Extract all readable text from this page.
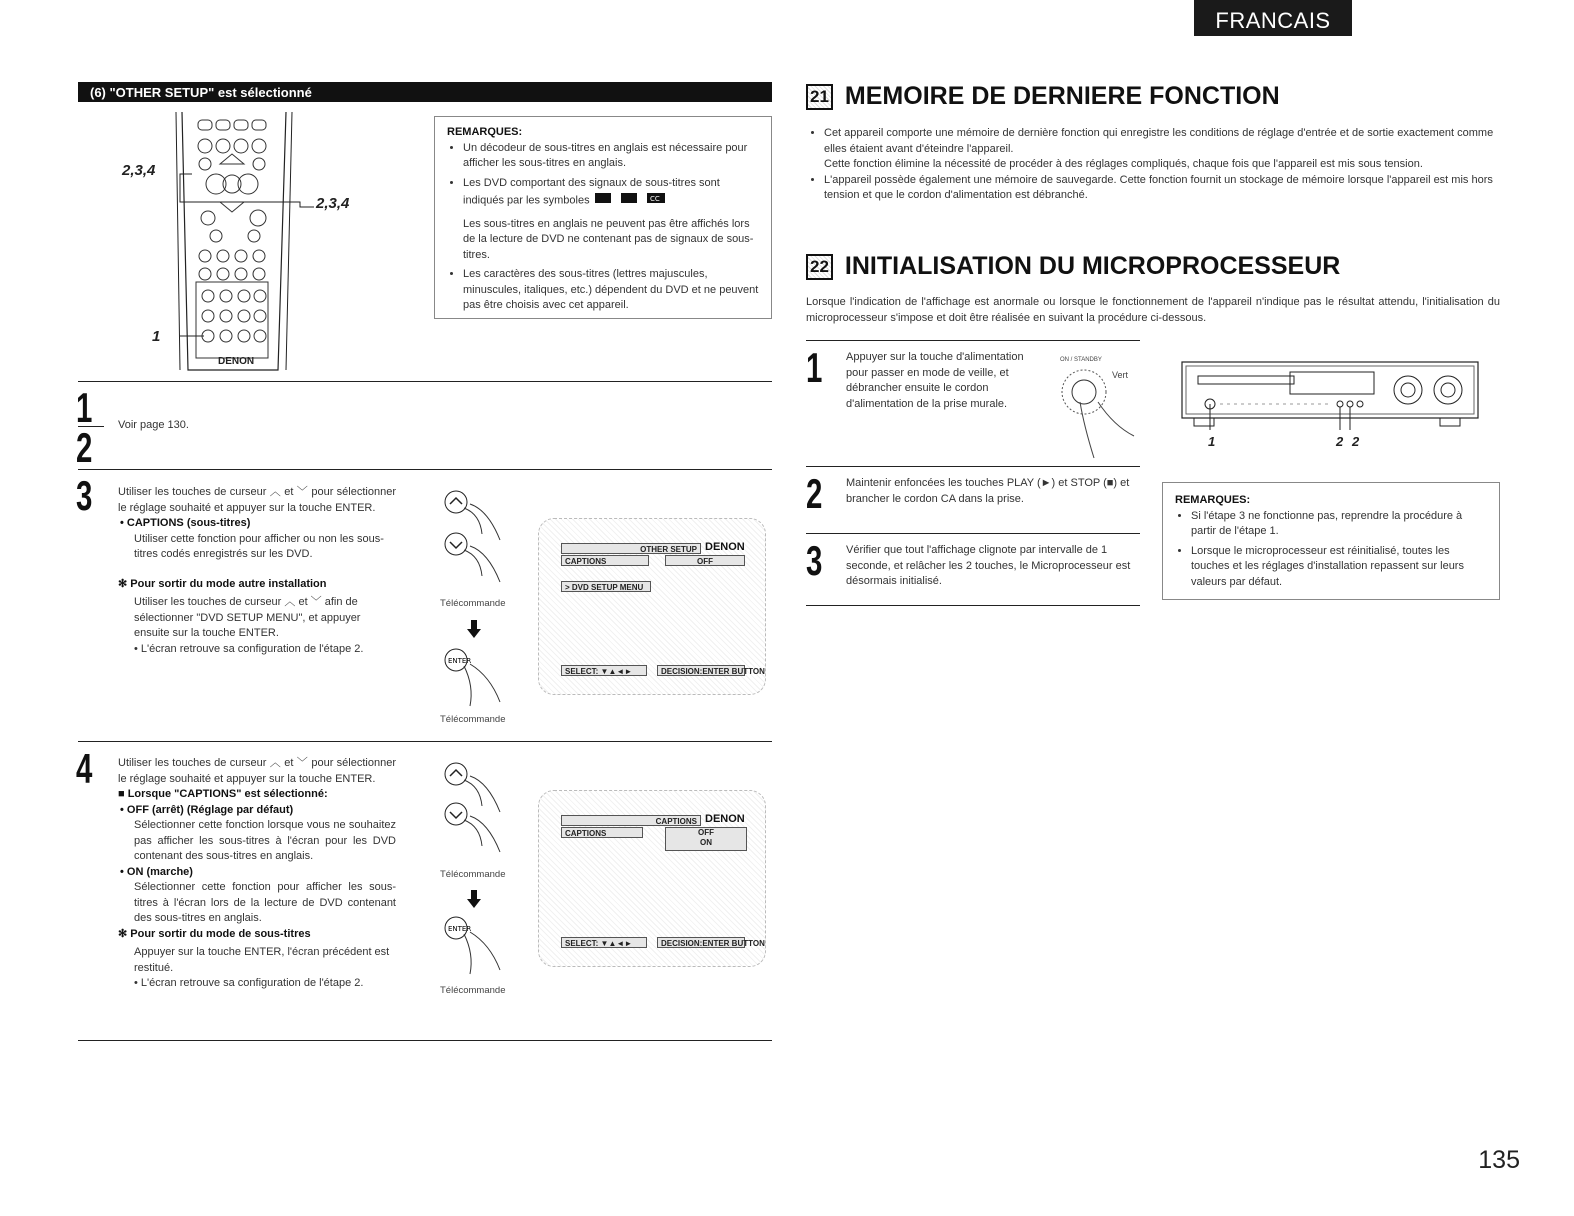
FRANCAIS
(6) "OTHER SETUP" est sélectionné
2,3,4
2,3,4
1
DENON
REMARQUES:
• Un décodeur de sous-titres en anglais est nécessaire pour afficher les sous-titres en anglais.
• Les DVD comportant des signaux de sous-titres sont indiqués par les symboles	CC
Les sous-titres en anglais ne peuvent pas être affichés lors de la lecture de DVD ne contenant pas de signaux de sous-titres.
• Les caractères des sous-titres (lettres majuscules, minuscules, italiques, etc.) dépendent du DVD et ne peuvent pas être choisis avec cet appareil.
1
2 Voir page 130.
3 Utiliser les touches de curseur ︿ et ﹀ pour sélectionner le réglage souhaité et appuyer sur la touche ENTER.
• CAPTIONS (sous-titres)
Utiliser cette fonction pour afficher ou non les sous-titres codés enregistrés sur les DVD.
✻ Pour sortir du mode autre installation
Utiliser les touches de curseur ︿ et ﹀ afin de sélectionner "DVD SETUP MENU", et appuyer ensuite sur la touche ENTER.
• L'écran retrouve sa configuration de l'étape 2.
Télécommande
ENTER
Télécommande
OTHER SETUP DENON
CAPTIONS	OFF
> DVD SETUP MENU
SELECT: ▼▲◄►	DECISION:ENTER BUTTON
4 Utiliser les touches de curseur ︿ et ﹀ pour sélectionner le réglage souhaité et appuyer sur la touche ENTER.
■ Lorsque "CAPTIONS" est sélectionné:
• OFF (arrêt) (Réglage par défaut)
Sélectionner cette fonction lorsque vous ne souhaitez pas afficher les sous-titres à l'écran pour les DVD contenant des sous-titres en anglais.
• ON (marche)
Sélectionner cette fonction pour afficher les sous-titres à l'écran lors de la lecture de DVD contenant des sous-titres en anglais.
✻ Pour sortir du mode de sous-titres
Appuyer sur la touche ENTER, l'écran précédent est restitué.
• L'écran retrouve sa configuration de l'étape 2.
Télécommande
ENTER
Télécommande
CAPTIONS DENON
CAPTIONS	OFF
ON
SELECT: ▼▲◄►	DECISION:ENTER BUTTON
21 MEMOIRE DE DERNIERE FONCTION
• Cet appareil comporte une mémoire de dernière fonction qui enregistre les conditions de réglage d'entrée et de sortie exactement comme elles étaient avant d'éteindre l'appareil.
Cette fonction élimine la nécessité de procéder à des réglages compliqués, chaque fois que l'appareil est mis sous tension.
• L'appareil possède également une mémoire de sauvegarde. Cette fonction fournit un stockage de mémoire lorsque l'appareil est mis hors tension et que le cordon d'alimentation est débranché.
22 INITIALISATION DU MICROPROCESSEUR
Lorsque l'indication de l'affichage est anormale ou lorsque le fonctionnement de l'appareil n'indique pas le résultat attendu, l'initialisation du microprocesseur s'impose et doit être réalisée en suivant la procédure ci-dessous.
1 Appuyer sur la touche d'alimentation pour passer en mode de veille, et débrancher ensuite le cordon d'alimentation de la prise murale.
ON / STANDBY
Vert
2 Maintenir enfoncées les touches PLAY (►) et STOP (■) et brancher le cordon CA dans la prise.
3 Vérifier que tout l'affichage clignote par intervalle de 1 seconde, et relâcher les 2 touches, le Microprocesseur est désormais initialisé.
1	2 2
REMARQUES:
• Si l'étape 3 ne fonctionne pas, reprendre la procédure à partir de l'étape 1.
• Lorsque le microprocesseur est réinitialisé, toutes les touches et les réglages d'installation repassent sur leurs valeurs par défaut.
135
